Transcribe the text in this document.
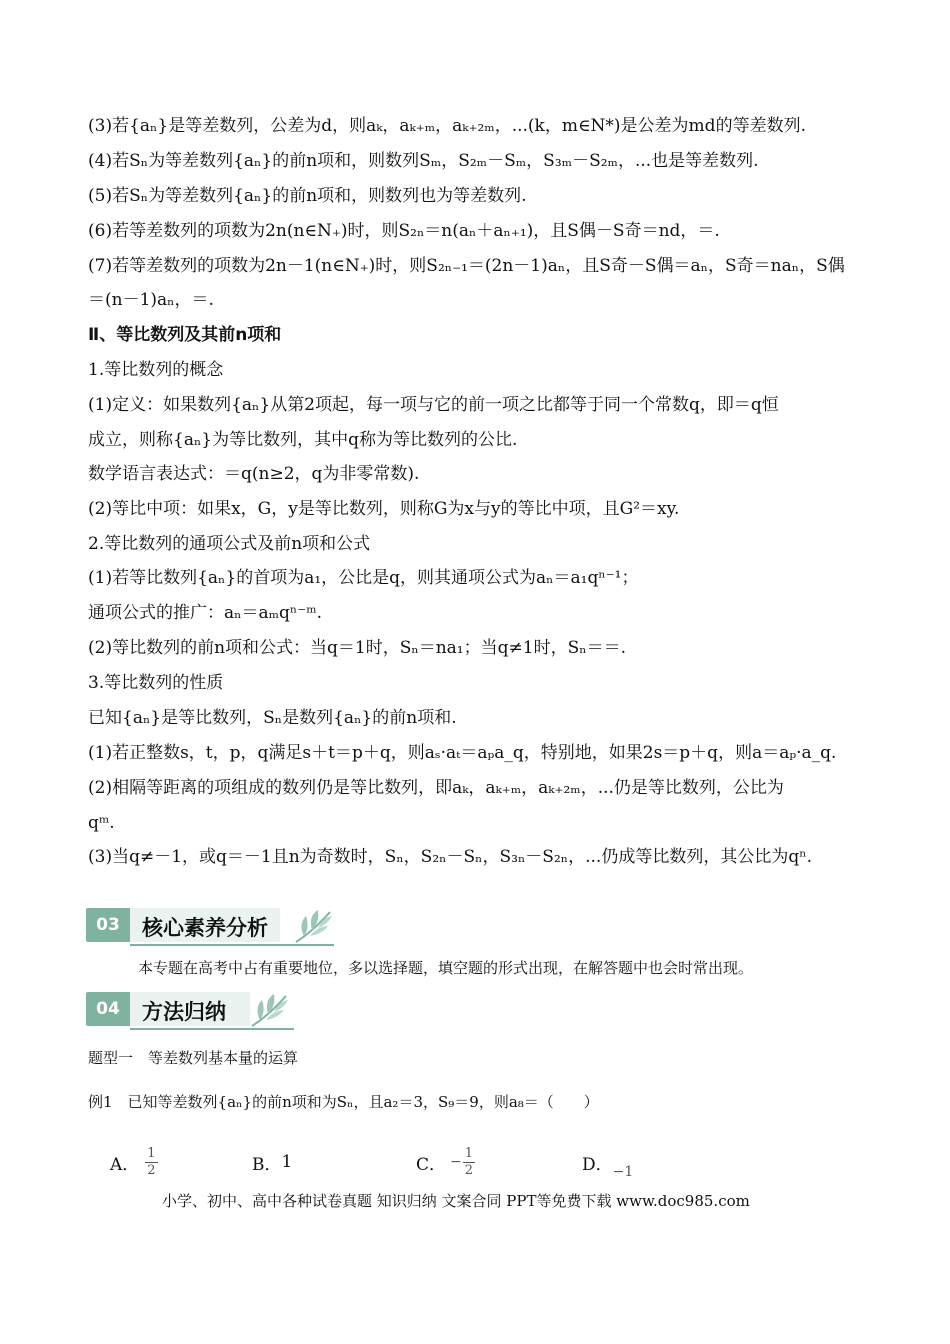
(3)若{aₙ}是等差数列，公差为d，则aₖ，aₖ₊ₘ，aₖ₊₂ₘ，...(k，m∈N*)是公差为md的等差数列.
(4)若Sₙ为等差数列{aₙ}的前n项和，则数列Sₘ，S₂ₘ－Sₘ，S₃ₘ－S₂ₘ，...也是等差数列.
(5)若Sₙ为等差数列{aₙ}的前n项和，则数列也为等差数列.
(6)若等差数列的项数为2n(n∈N₊)时，则S₂ₙ＝n(aₙ＋aₙ₊₁)，且S偶－S奇＝nd，＝.
(7)若等差数列的项数为2n－1(n∈N₊)时，则S₂ₙ₋₁＝(2n－1)aₙ，且S奇－S偶＝aₙ，S奇＝naₙ，S偶
＝(n－1)aₙ，＝.
Ⅱ、等比数列及其前n项和
1.等比数列的概念
(1)定义：如果数列{aₙ}从第2项起，每一项与它的前一项之比都等于同一个常数q，即＝q恒
成立，则称{aₙ}为等比数列，其中q称为等比数列的公比.
数学语言表达式：＝q(n≥2，q为非零常数).
(2)等比中项：如果x，G，y是等比数列，则称G为x与y的等比中项，且G²＝xy.
2.等比数列的通项公式及前n项和公式
(1)若等比数列{aₙ}的首项为a₁，公比是q，则其通项公式为aₙ＝a₁qⁿ⁻¹；
通项公式的推广：aₙ＝aₘqⁿ⁻ᵐ.
(2)等比数列的前n项和公式：当q＝1时，Sₙ＝na₁；当q≠1时，Sₙ＝＝.
3.等比数列的性质
已知{aₙ}是等比数列，Sₙ是数列{aₙ}的前n项和.
(1)若正整数s，t，p，q满足s＋t＝p＋q，则aₛ·aₜ＝aₚa_q，特别地，如果2s＝p＋q，则a＝aₚ·a_q.
(2)相隔等距离的项组成的数列仍是等比数列，即aₖ，aₖ₊ₘ，aₖ₊₂ₘ，...仍是等比数列，公比为
qᵐ.
(3)当q≠－1，或q＝－1且n为奇数时，Sₙ，S₂ₙ－Sₙ，S₃ₙ－S₂ₙ，...仍成等比数列，其公比为qⁿ.
03	核心素养分析
本专题在高考中占有重要地位，多以选择题，填空题的形式出现，在解答题中也会时常出现。
04	方法归纳
题型一　等差数列基本量的运算
例1　已知等差数列{aₙ}的前n项和为Sₙ，且a₂＝3，S₉＝9，则a₈＝（　　）
A． $\frac{1}{2}$	B． 1	C． − $\frac{1}{2}$	D． −1
小学、初中、高中各种试卷真题 知识归纳 文案合同 PPT等免费下载 www.doc985.com
